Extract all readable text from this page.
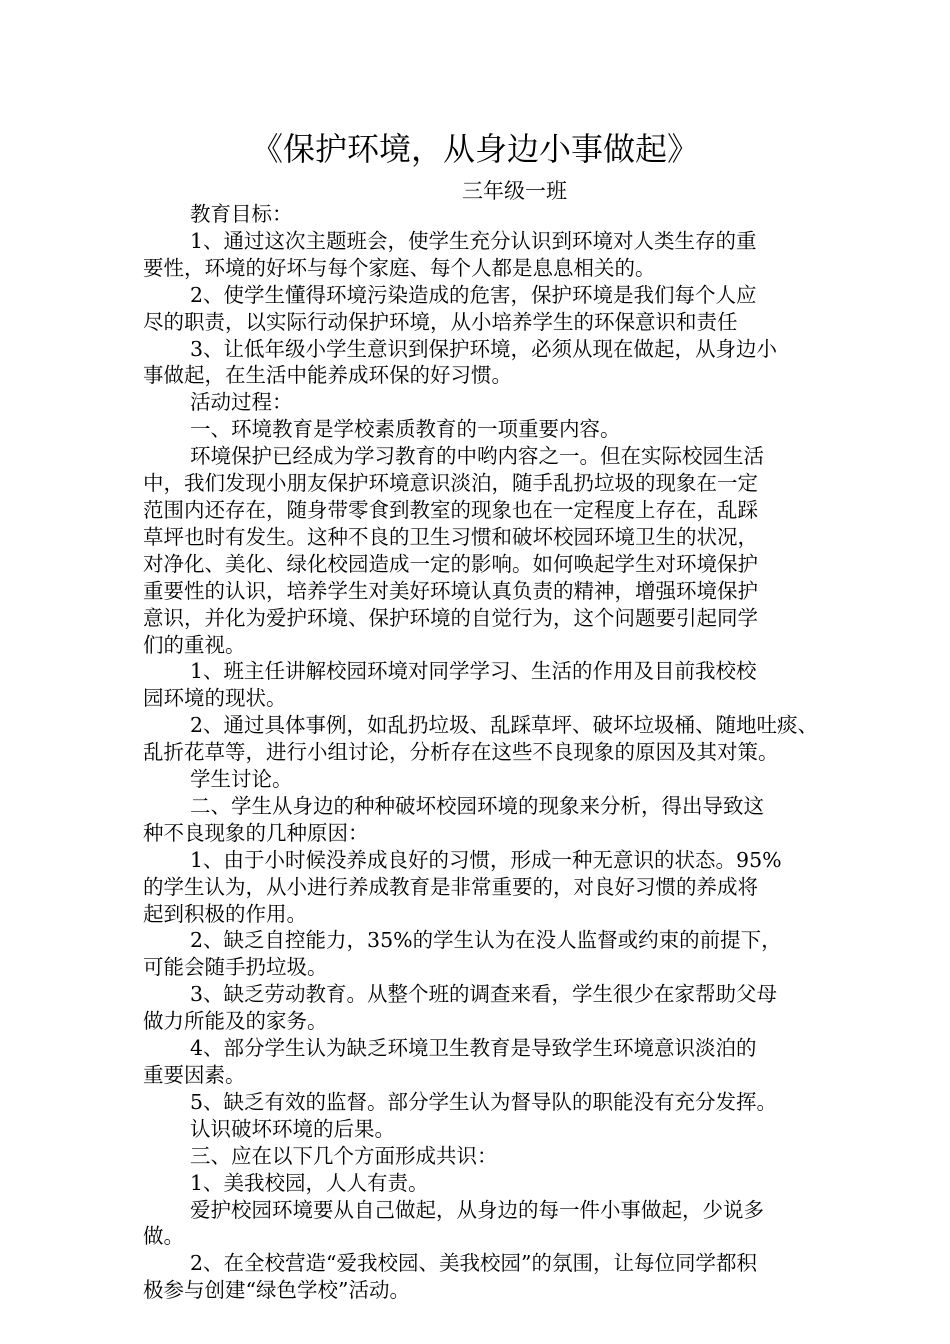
《保护环境，从身边小事做起》
三年级一班

教育目标：

1、通过这次主题班会，使学生充分认识到环境对人类生存的重
要性，环境的好坏与每个家庭、每个人都是息息相关的。

2、使学生懂得环境污染造成的危害，保护环境是我们每个人应
尽的职责，以实际行动保护环境，从小培养学生的环保意识和责任

3、让低年级小学生意识到保护环境，必须从现在做起，从身边小
事做起，在生活中能养成环保的好习惯。

活动过程：

一、环境教育是学校素质教育的一项重要内容。

环境保护已经成为学习教育的中哟内容之一。但在实际校园生活
中，我们发现小朋友保护环境意识淡泊，随手乱扔垃圾的现象在一定
范围内还存在，随身带零食到教室的现象也在一定程度上存在，乱踩
草坪也时有发生。这种不良的卫生习惯和破坏校园环境卫生的状况，
对净化、美化、绿化校园造成一定的影响。如何唤起学生对环境保护
重要性的认识，培养学生对美好环境认真负责的精神，增强环境保护
意识，并化为爱护环境、保护环境的自觉行为，这个问题要引起同学
们的重视。

1、班主任讲解校园环境对同学学习、生活的作用及目前我校校
园环境的现状。

2、通过具体事例，如乱扔垃圾、乱踩草坪、破坏垃圾桶、随地吐痰、
乱折花草等，进行小组讨论，分析存在这些不良现象的原因及其对策。

学生讨论。

二、学生从身边的种种破坏校园环境的现象来分析，得出导致这
种不良现象的几种原因：

1、由于小时候没养成良好的习惯，形成一种无意识的状态。95%
的学生认为，从小进行养成教育是非常重要的，对良好习惯的养成将
起到积极的作用。

2、缺乏自控能力，35%的学生认为在没人监督或约束的前提下，
可能会随手扔垃圾。

3、缺乏劳动教育。从整个班的调查来看，学生很少在家帮助父母
做力所能及的家务。

4、部分学生认为缺乏环境卫生教育是导致学生环境意识淡泊的
重要因素。

5、缺乏有效的监督。部分学生认为督导队的职能没有充分发挥。

认识破坏环境的后果。

三、应在以下几个方面形成共识：

1、美我校园，人人有责。

爱护校园环境要从自己做起，从身边的每一件小事做起，少说多
做。

2、在全校营造“爱我校园、美我校园”的氛围，让每位同学都积
极参与创建“绿色学校”活动。
